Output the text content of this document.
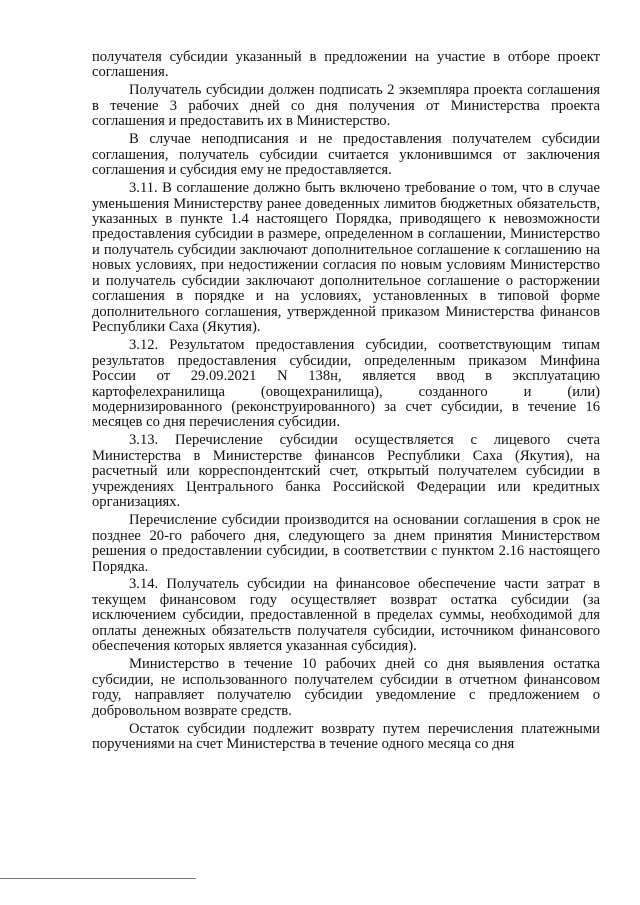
получателя субсидии указанный в предложении на участие в отборе проект соглашения.

Получатель субсидии должен подписать 2 экземпляра проекта соглашения в течение 3 рабочих дней со дня получения от Министерства проекта соглашения и предоставить их в Министерство.

В случае неподписания и не предоставления получателем субсидии соглашения, получатель субсидии считается уклонившимся от заключения соглашения и субсидия ему не предоставляется.

3.11. В соглашение должно быть включено требование о том, что в случае уменьшения Министерству ранее доведенных лимитов бюджетных обязательств, указанных в пункте 1.4 настоящего Порядка, приводящего к невозможности предоставления субсидии в размере, определенном в соглашении, Министерство и получатель субсидии заключают дополнительное соглашение к соглашению на новых условиях, при недостижении согласия по новым условиям Министерство и получатель субсидии заключают дополнительное соглашение о расторжении соглашения в порядке и на условиях, установленных в типовой форме дополнительного соглашения, утвержденной приказом Министерства финансов Республики Саха (Якутия).

3.12. Результатом предоставления субсидии, соответствующим типам результатов предоставления субсидии, определенным приказом Минфина России от 29.09.2021 N 138н, является ввод в эксплуатацию картофелехранилища (овощехранилища), созданного и (или) модернизированного (реконструированного) за счет субсидии, в течение 16 месяцев со дня перечисления субсидии.

3.13. Перечисление субсидии осуществляется с лицевого счета Министерства в Министерстве финансов Республики Саха (Якутия), на расчетный или корреспондентский счет, открытый получателем субсидии в учреждениях Центрального банка Российской Федерации или кредитных организациях.

Перечисление субсидии производится на основании соглашения в срок не позднее 20-го рабочего дня, следующего за днем принятия Министерством решения о предоставлении субсидии, в соответствии с пунктом 2.16 настоящего Порядка.

3.14. Получатель субсидии на финансовое обеспечение части затрат в текущем финансовом году осуществляет возврат остатка субсидии (за исключением субсидии, предоставленной в пределах суммы, необходимой для оплаты денежных обязательств получателя субсидии, источником финансового обеспечения которых является указанная субсидия).

Министерство в течение 10 рабочих дней со дня выявления остатка субсидии, не использованного получателем субсидии в отчетном финансовом году, направляет получателю субсидии уведомление с предложением о добровольном возврате средств.

Остаток субсидии подлежит возврату путем перечисления платежными поручениями на счет Министерства в течение одного месяца со дня
